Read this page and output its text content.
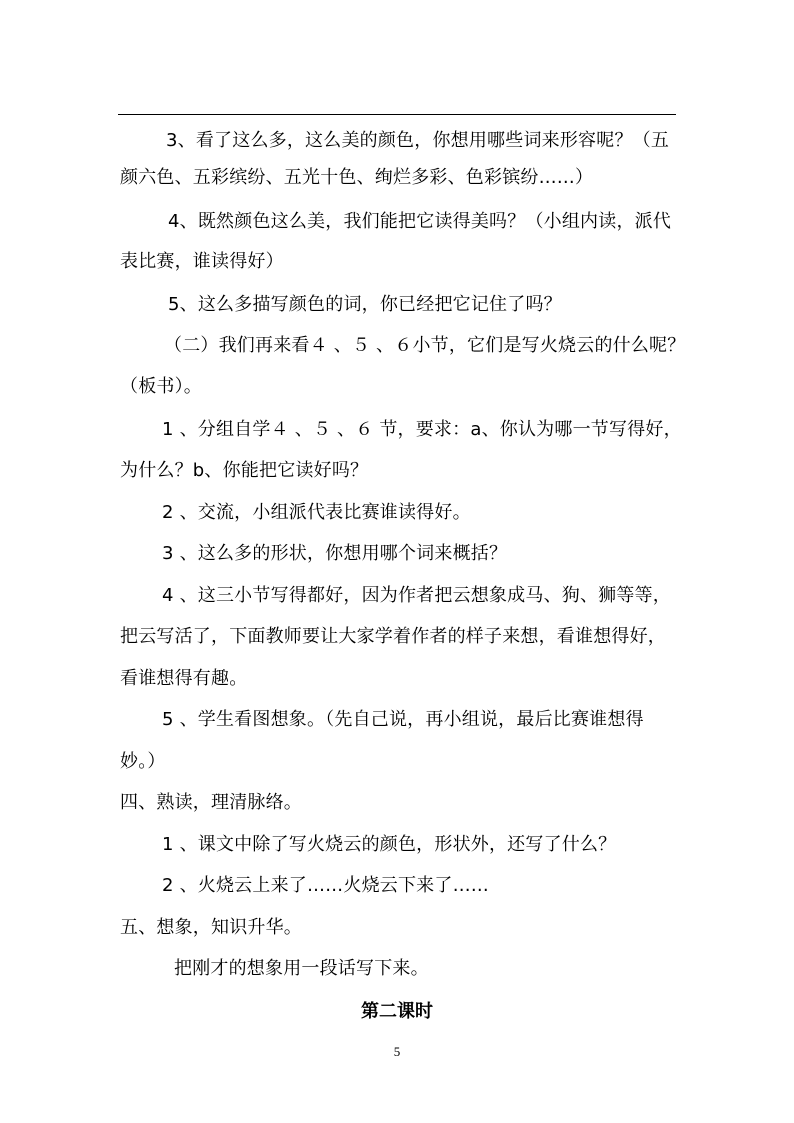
3、看了这么多，这么美的颜色，你想用哪些词来形容呢？（五
颜六色、五彩缤纷、五光十色、绚烂多彩、色彩镔纷……）
4、既然颜色这么美，我们能把它读得美吗？（小组内读，派代
表比赛，谁读得好）
5、这么多描写颜色的词，你已经把它记住了吗？
（二）我们再来看４ 、５ 、６小节，它们是写火烧云的什么呢？
（板书）。
1 、分组自学４ 、５ 、６ 节，要求：a、你认为哪一节写得好，
为什么？b、你能把它读好吗？
2 、交流，小组派代表比赛谁读得好。
3 、这么多的形状，你想用哪个词来概括？
4 、这三小节写得都好，因为作者把云想象成马、狗、狮等等，
把云写活了，下面教师要让大家学着作者的样子来想，看谁想得好，
看谁想得有趣。
5 、学生看图想象。（先自己说，再小组说，最后比赛谁想得
妙。）
四、熟读，理清脉络。
1 、课文中除了写火烧云的颜色，形状外，还写了什么？
2 、火烧云上来了……火烧云下来了……
五、想象，知识升华。
把刚才的想象用一段话写下来。
第二课时
5
